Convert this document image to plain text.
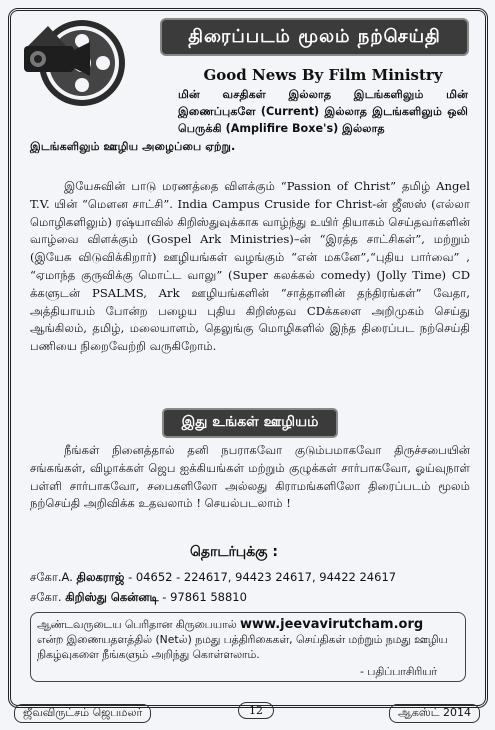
திரைப்படம் மூலம் நற்செய்தி
Good News By Film Ministry
மின் வசதிகள் இல்லாத இடங்களிலும் மின் இணைப்புகளே (Current) இல்லாத இடங்களிலும் ஒலி பெருக்கி (Amplifire Boxe's) இல்லாத
இடங்களிலும் ஊழிய அழைப்பை ஏற்று.
இயேசுவின் பாடு மரணத்தை விளக்கும் “Passion of Christ” தமிழ் Angel T.V. யின் “மௌன சாட்சி”. India Campus Cruside for Christ-ன் ஜீஸஸ் (எல்லா மொழிகளிலும்) ரஷ்யாவில் கிறிஸ்துவுக்காக வாழ்ந்து உயிர் தியாகம் செய்தவர்களின் வாழ்வை விளக்கும் (Gospel Ark Ministries)–ன் “இரத்த சாட்சிகள்”, மற்றும் (இயேசு விடுவிக்கிறார்) ஊழியங்கள் வழங்கும் “என் மகனே”,“புதிய பார்வை” , “ஏமாந்த குருவிக்கு மொட்ட வாலு” (Super கலக்கல் comedy) (Jolly Time) CD க்களுடன் PSALMS, Ark ஊழியங்களின் “சாத்தானின் தந்திரங்கள்” வேதா, அத்தியாயம் போன்ற பழைய புதிய கிறிஸ்தவ CDக்களை அறிமுகம் செய்து ஆங்கிலம், தமிழ், மலையாளம், தெலுங்கு மொழிகளில் இந்த திரைப்பட நற்செய்தி பணியை நிறைவேற்றி வருகிறோம்.
இது உங்கள் ஊழியம்
நீங்கள் நினைத்தால் தனி நபராகவோ குடும்பமாகவோ திருச்சபையின் சங்கங்கள், விழாக்கள் ஜெப ஐக்கியங்கள் மற்றும் குழுக்கள் சார்பாகவோ, ஓய்வுநாள் பள்ளி சார்பாகவோ, சபைகளிலோ அல்லது கிராமங்களிலோ திரைப்படம் மூலம் நற்செய்தி அறிவிக்க உதவலாம் ! செயல்படலாம் !
தொடர்புக்கு :
சகோ.A. திலகராஜ் - 04652 - 224617, 94423 24617, 94422 24617
சகோ. கிறிஸ்து கென்னடி - 97861 58810
ஆண்டவருடைய பெரிதான கிருபையால் www.jeevavirutcham.org
என்ற இணையதளத்தில் (Netல்) நமது பத்திரிகைகள், செய்திகள் மற்றும் நமது ஊழிய நிகழ்வுகளை நீங்களும் அறிந்து கொள்ளலாம்.
- பதிப்பாசிரியர்
ஜீவவிருட்சம் ஜெபமலர்	12	ஆகஸ்ட் 2014
